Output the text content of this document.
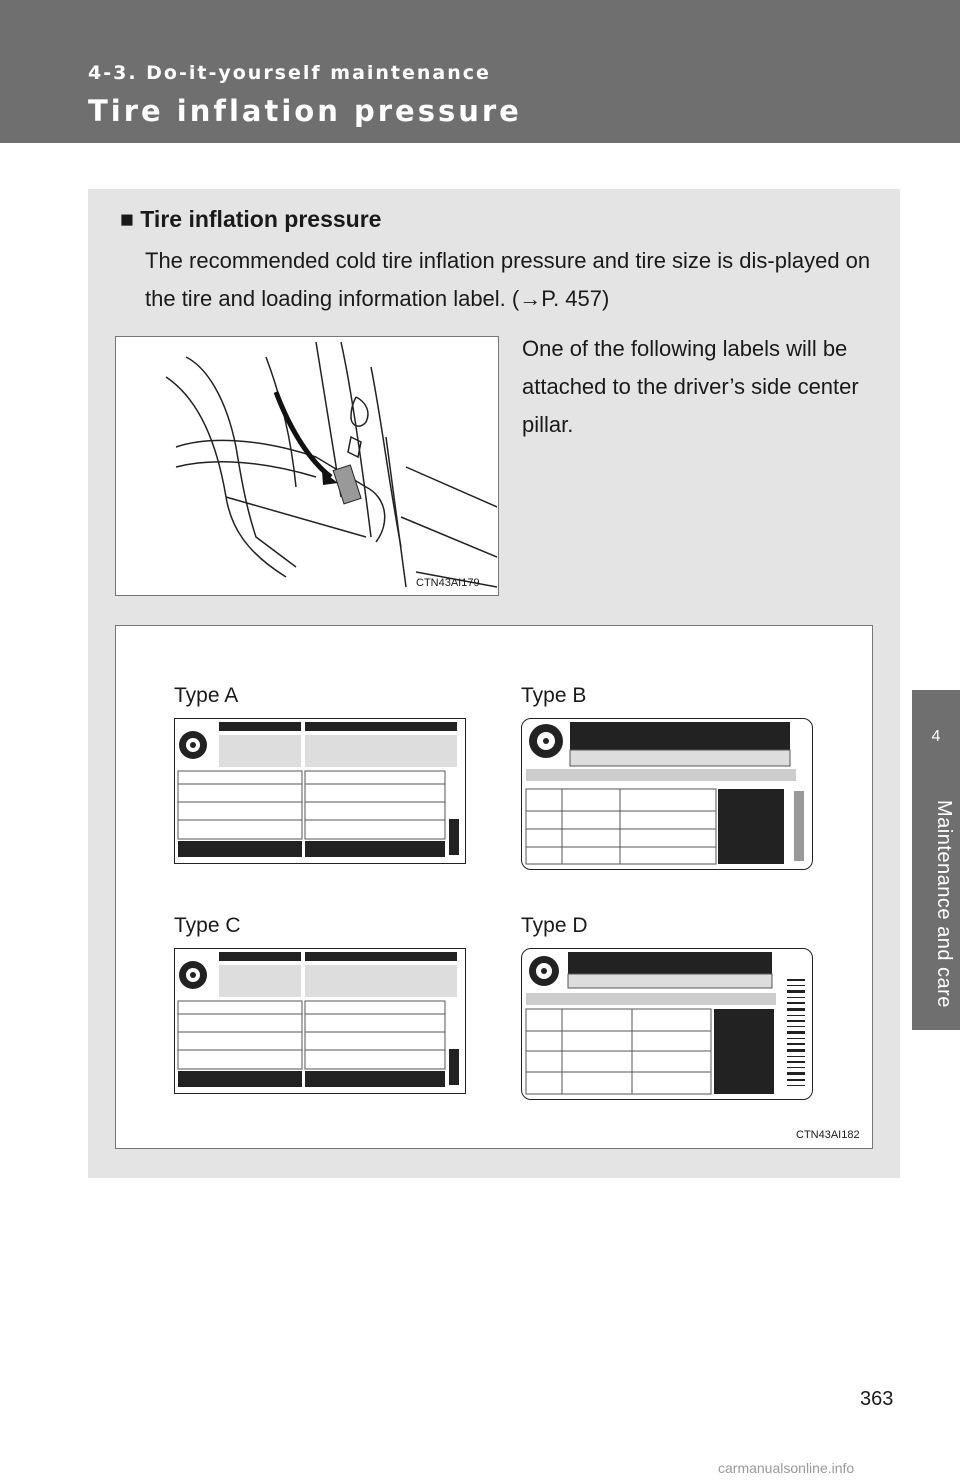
4-3. Do-it-yourself maintenance
Tire inflation pressure
4
Maintenance and care
■ Tire inflation pressure
The recommended cold tire inflation pressure and tire size is dis-played on the tire and loading information label. (→P. 457)
One of the following labels will be attached to the driver’s side center pillar.
CTN43AI179
Type A	Type B
Type C	Type D
CTN43AI182
363
carmanualsonline.info
